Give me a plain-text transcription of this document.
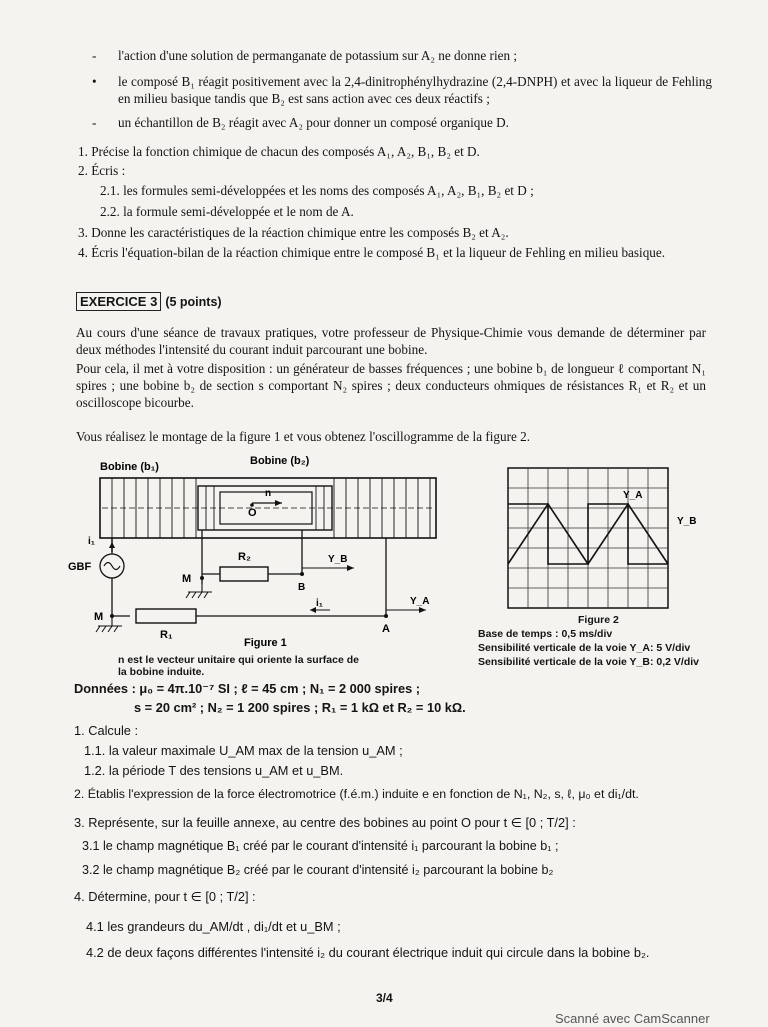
-	l'action d'une solution de permanganate de potassium sur A₂ ne donne rien ;

•	le composé B₁ réagit positivement avec la 2,4-dinitrophénylhydrazine (2,4-DNPH) et avec la liqueur de Fehling en milieu basique tandis que B₂ est sans action avec ces deux réactifs ;

-	un échantillon de B₂ réagit avec A₂ pour donner un composé organique D.

1. Précise la fonction chimique de chacun des composés A₁, A₂, B₁, B₂ et D.

2. Écris :

2.1. les formules semi-développées et les noms des composés A₁, A₂, B₁, B₂ et D ;

2.2. la formule semi-développée et le nom de A.

3. Donne les caractéristiques de la réaction chimique entre les composés B₂ et A₂.

4. Écris l'équation-bilan de la réaction chimique entre le composé B₁ et la liqueur de Fehling en milieu basique.

EXERCICE 3 (5 points)

Au cours d'une séance de travaux pratiques, votre professeur de Physique-Chimie vous demande de déterminer par deux méthodes l'intensité du courant induit parcourant une bobine.

Pour cela, il met à votre disposition : un générateur de basses fréquences ; une bobine b₁ de longueur ℓ comportant N₁ spires ; une bobine b₂ de section s comportant N₂ spires ; deux conducteurs ohmiques de résistances R₁ et R₂ et un oscilloscope bicourbe.

Vous réalisez le montage de la figure 1 et vous obtenez l'oscillogramme de la figure 2.

Bobine (b₁)	Bobine (b₂)
n
O
i₁
GBF
R₁
M
i₁
A
Y_A
R₂
B
Y_B
M
Figure 1

n est le vecteur unitaire qui oriente la surface de la bobine induite.

Y_A
Y_B

Figure 2

Base de temps : 0,5 ms/div

Sensibilité verticale de la voie Y_A: 5 V/div

Sensibilité verticale de la voie Y_B: 0,2 V/div

Données : μ₀ = 4π.10⁻⁷ SI ; ℓ = 45 cm ; N₁ = 2 000 spires ;

s = 20 cm² ; N₂ = 1 200 spires ; R₁ = 1 kΩ et R₂ = 10 kΩ.

1. Calcule :

1.1. la valeur maximale U_AM max de la tension u_AM ;

1.2. la période T des tensions u_AM et u_BM.

2. Établis l'expression de la force électromotrice (f.é.m.) induite e en fonction de N₁, N₂, s, ℓ, μ₀ et di₁/dt.

3. Représente, sur la feuille annexe, au centre des bobines au point O pour t ∈ [0 ; T/2] :

3.1 le champ magnétique B₁ créé par le courant d'intensité i₁ parcourant la bobine b₁ ;

3.2 le champ magnétique B₂ créé par le courant d'intensité i₂ parcourant la bobine b₂

4. Détermine, pour t ∈ [0 ; T/2] :

4.1 les grandeurs du_AM/dt , di₁/dt et u_BM ;

4.2 de deux façons différentes l'intensité i₂ du courant électrique induit qui circule dans la bobine b₂.

3/4

Scanné avec CamScanner
